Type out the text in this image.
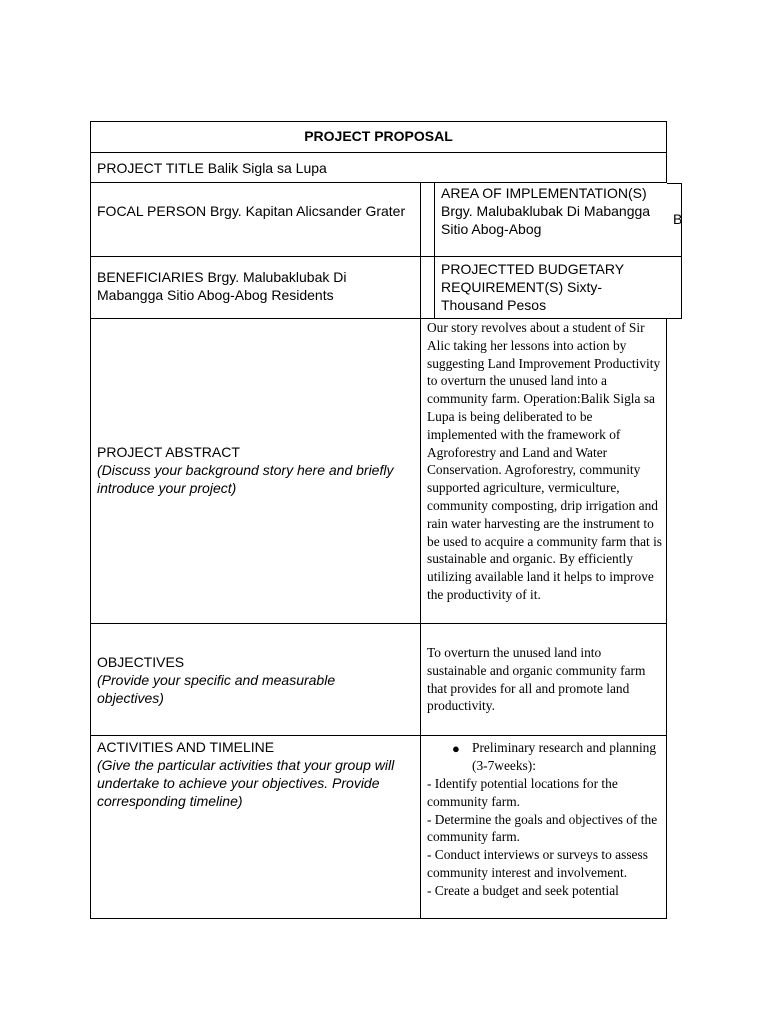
PROJECT PROPOSAL
PROJECT TITLE Balik Sigla sa Lupa
FOCAL PERSON Brgy. Kapitan Alicsander Grater
AREA OF IMPLEMENTATION(S) Brgy. Malubaklubak Di Mabangga Sitio Abog-Abog
B
BENEFICIARIES Brgy. Malubaklubak Di Mabangga Sitio Abog-Abog Residents
PROJECTTED BUDGETARY REQUIREMENT(S) Sixty-Thousand Pesos
PROJECT ABSTRACT
(Discuss your background story here and briefly introduce your project)
Our story revolves about a student of Sir Alic taking her lessons into action by suggesting Land Improvement Productivity to overturn the unused land into a community farm. Operation:Balik Sigla sa Lupa is being deliberated to be implemented with the framework of Agroforestry and Land and Water Conservation. Agroforestry, community supported agriculture, vermiculture, community composting, drip irrigation and rain water harvesting are the instrument to be used to acquire a community farm that is sustainable and organic. By efficiently utilizing available land it helps to improve the productivity of it.
OBJECTIVES
(Provide your specific and measurable objectives)
To overturn the unused land into sustainable and organic community farm that provides for all and promote land productivity.
ACTIVITIES AND TIMELINE
(Give the particular activities that your group will undertake to achieve your objectives. Provide corresponding timeline)
● Preliminary research and planning (3-7weeks):
- Identify potential locations for the community farm.
- Determine the goals and objectives of the community farm.
- Conduct interviews or surveys to assess community interest and involvement.
- Create a budget and seek potential
